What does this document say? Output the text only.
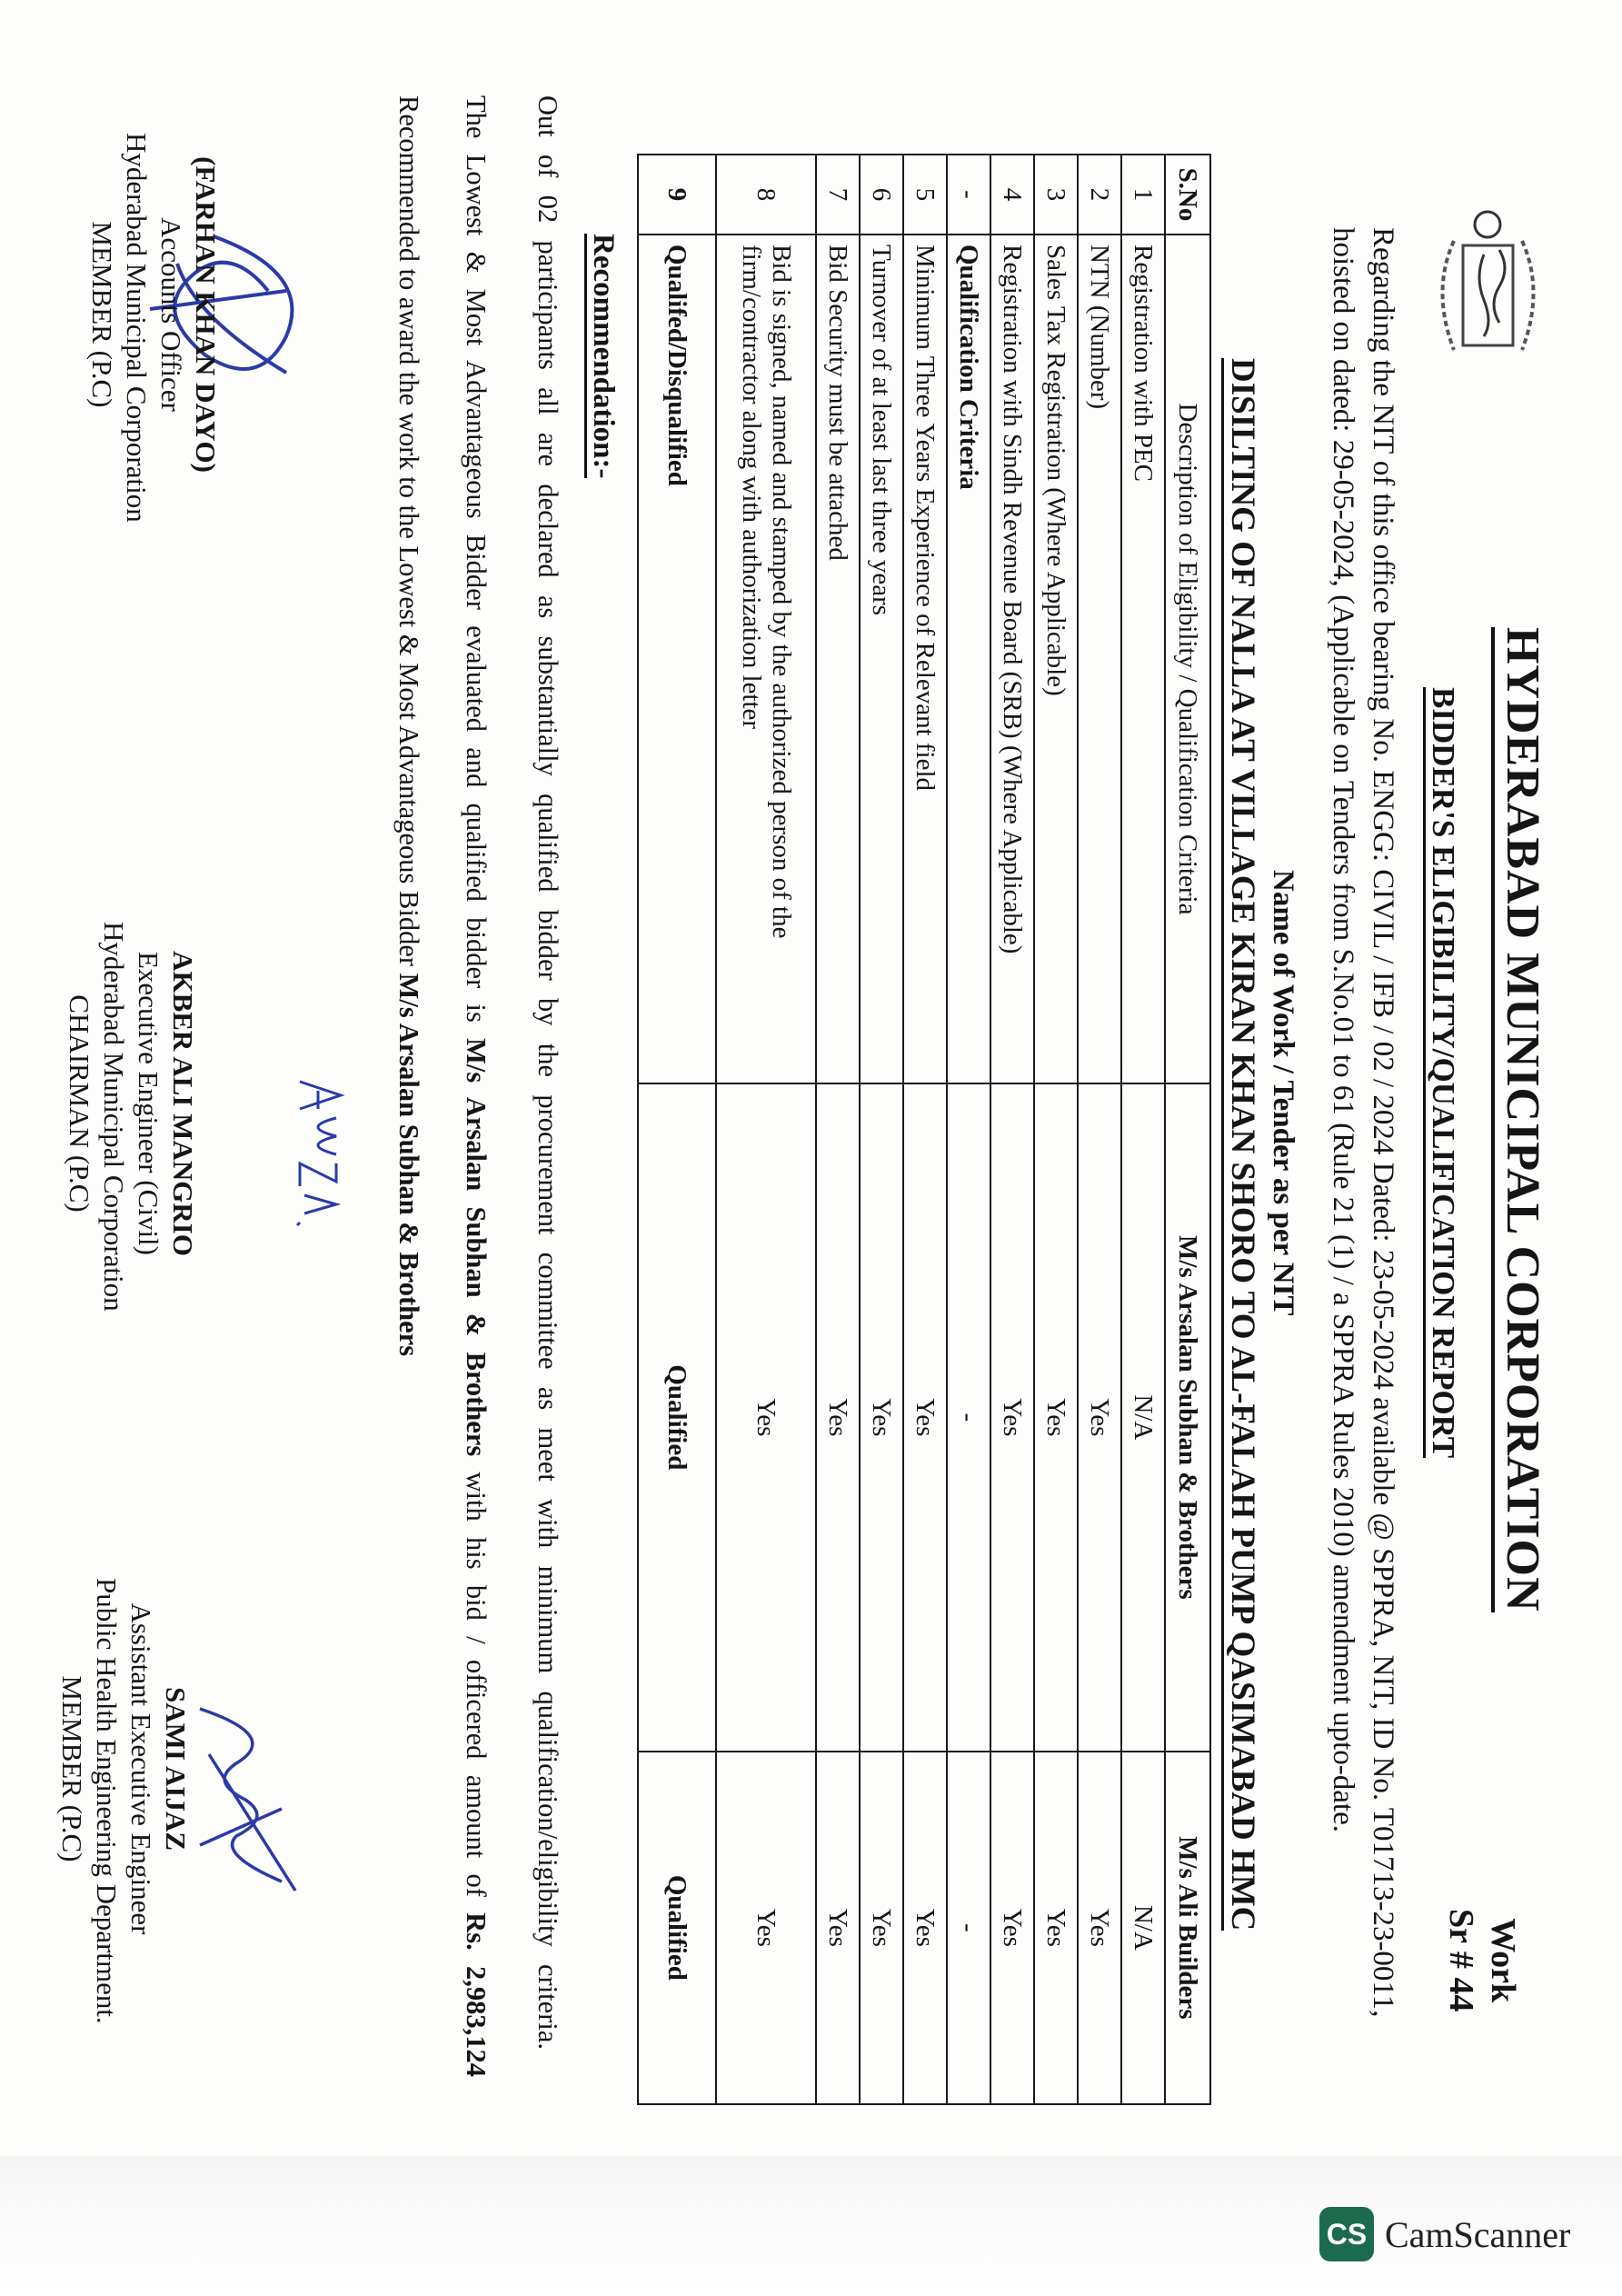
HYDERABAD MUNICIPAL CORPORATION
BIDDER'S ELIGIBILITY/QUALIFICATION REPORT
Work
Sr # 44
Regarding the NIT of this office bearing No. ENGG: CIVIL / IFB / 02 / 2024 Dated: 23-05-2024 available @ SPPRA, NIT, ID No. T01713-23-0011,
hoisted on dated: 29-05-2024, (Applicable on Tenders from S.No.01 to 61 (Rule 21 (1) / a SPPRA Rules 2010) amendment upto-date.
Name of Work / Tender as per NIT
DISILTING OF NALLA AT VILLAGE KIRAN KHAN SHORO TO AL-FALAH PUMP QASIMABAD HMC
S.No	Description of Eligibility / Qualification Criteria	M/s Arsalan Subhan & Brothers	M/s Ali Builders
1	Registration with PEC	N/A	N/A
2	NTN (Number)	Yes	Yes
3	Sales Tax Registration (Where Applicable)	Yes	Yes
4	Registration with Sindh Revenue Board (SRB) (Where Applicable)	Yes	Yes
-	Qualification Criteria	-	-
5	Minimum Three Years Experience of Relevant field	Yes	Yes
6	Turnover of at least last three years	Yes	Yes
7	Bid Security must be attached	Yes	Yes
8	Bid is signed, named and stamped by the authorized person of the firm/contractor along with authorization letter	Yes	Yes
9	Qualifed/Disqualified	Qualified	Qualified
Recommendation:-
Out of 02 participants all are declared as substantially qualified bidder by the procurement committee as meet with minimum qualification/eligibility criteria.
The Lowest & Most Advantageous Bidder evaluated and qualified bidder is M/s Arsalan Subhan & Brothers with his bid / officered amount of Rs. 2,983,124
Recommended to award the work to the Lowest & Most Advantageous Bidder M/s Arsalan Subhan & Brothers
(FARHAN KHAN DAYO)
Accounts Officer
Hyderabad Municipal Corporation
MEMBER (P.C)
AKBER ALI MANGRIO
Executive Engineer (Civil)
Hyderabad Municipal Corporation
CHAIRMAN (P.C)
SAMI AIJAZ
Assistant Executive Engineer
Public Health Engineering Department.
MEMBER (P.C)
CS CamScanner
